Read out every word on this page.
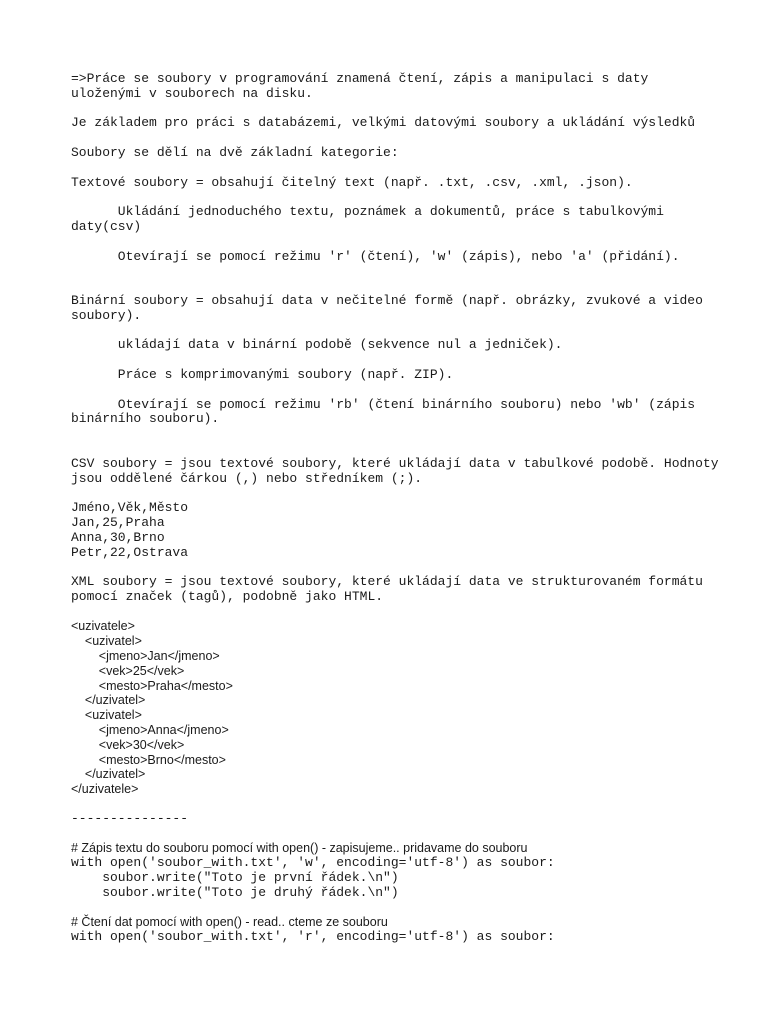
=>Práce se soubory v programování znamená čtení, zápis a manipulaci s daty
uloženými v souborech na disku.
Je základem pro práci s databázemi, velkými datovými soubory a ukládání výsledků
Soubory se dělí na dvě základní kategorie:
Textové soubory = obsahují čitelný text (např. .txt, .csv, .xml, .json).
Ukládání jednoduchého textu, poznámek a dokumentů, práce s tabulkovými
daty(csv)
Otevírají se pomocí režimu 'r' (čtení), 'w' (zápis), nebo 'a' (přidání).
Binární soubory = obsahují data v nečitelné formě (např. obrázky, zvukové a video
soubory).
ukládají data v binární podobě (sekvence nul a jedniček).
Práce s komprimovanými soubory (např. ZIP).
Otevírají se pomocí režimu 'rb' (čtení binárního souboru) nebo 'wb' (zápis
binárního souboru).
CSV soubory = jsou textové soubory, které ukládají data v tabulkové podobě. Hodnoty
jsou oddělené čárkou (,) nebo středníkem (;).
Jméno,Věk,Město
Jan,25,Praha
Anna,30,Brno
Petr,22,Ostrava
XML soubory = jsou textové soubory, které ukládají data ve strukturovaném formátu
pomocí značek (tagů), podobně jako HTML.
<uzivatele>
<uzivatel>
<jmeno>Jan</jmeno>
<vek>25</vek>
<mesto>Praha</mesto>
</uzivatel>
<uzivatel>
<jmeno>Anna</jmeno>
<vek>30</vek>
<mesto>Brno</mesto>
</uzivatel>
</uzivatele>
---------------
# Zápis textu do souboru pomocí with open() - zapisujeme.. pridavame do souboru
with open('soubor_with.txt', 'w', encoding='utf-8') as soubor:
soubor.write("Toto je první řádek.\n")
soubor.write("Toto je druhý řádek.\n")
# Čtení dat pomocí with open() - read.. cteme ze souboru
with open('soubor_with.txt', 'r', encoding='utf-8') as soubor:
